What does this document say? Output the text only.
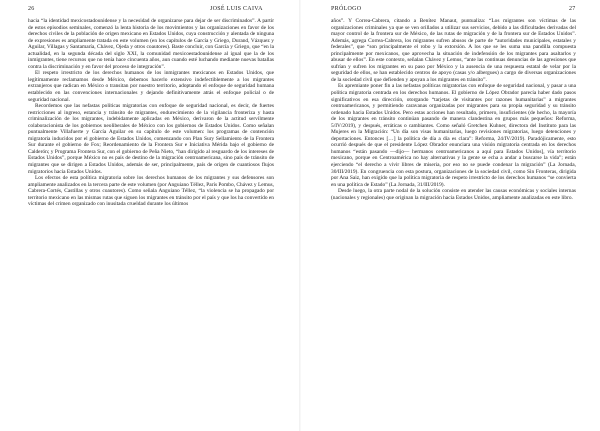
26	JOSÉ LUIS CAIVA

hacia “la identidad mexicostadounidense y la necesidad de organizarse para dejar de ser discriminados”. A partir de estos episodios seminales, comenzó la lenta historia de los movimientos y las organizaciones en favor de los derechos civiles de la población de origen mexicano en Estados Unidos, cuya construcción y alentada de ninguna de expresiones es ampliamente tratada en este volumen (en los capítulos de García y Griego, Durand, Vázquez y Aguilar, Villagas y Santamaría, Chávez, Ojeda y otros coautores). Baste concluir, con García y Griego, que “en la actualidad, en la segunda década del siglo XXI, la comunidad mexicoestadounidense al igual que la de los inmigrantes, tiene recursos que no tenía hace cincuenta años, aun cuando esté luchando mediante nuevas batallas contra la discriminación y en favor del proceso de integración”.

El respeto irrestricto de los derechos humanos de los inmigrantes mexicanos en Estados Unidos, que legítimamente reclamamos desde México, debemos hacerlo extensivo indefectiblemente a los migrantes extranjeros que radican en México o transitan por nuestro territorio, adoptando el enfoque de seguridad humana establecido en las convenciones internacionales y dejando definitivamente atrás el enfoque policial o de seguridad nacional.

Recordemos que las nefastas políticas migratorias con enfoque de seguridad nacional, es decir, de fuertes restricciones al ingreso, estancia y tránsito de migrantes, endurecimiento de la vigilancia fronteriza y hasta criminalización de los migrantes, indebidamente aplicadas en México, derivaron de la actitud servilmente colaboracionista de los gobiernos neoliberales de México con los gobiernos de Estados Unidos. Como señalan puntualmente Villafuerte y García Aguilar en su capítulo de este volumen: los programas de contención migratoria inducidos por el gobierno de Estados Unidos, comenzando con Plan Sury Sellamiento de la Frontera Sur durante el gobierno de Fox; Reordenamiento de la Frontera Sur e Iniciativa Mérida bajo el gobierno de Calderón; y Programa Frontera Sur, con el gobierno de Peña Nieto, “han dirigido al resguardo de los intereses de Estados Unidos”, porque México no es país de destino de la migración centroamericana, sino país de tránsito de migrantes que se dirigen a Estados Unidos, además de ser, principalmente, país de origen de cuantiosos flujos migratorios hacia Estados Unidos.

Los efectos de esta política migratoria sobre los derechos humanos de los migrantes y sus defensores son ampliamente analizados en la tercera parte de este volumen (por Anguiano Téllez, París Pombo, Chávez y Lemus, Cabrera-Cortés, Castillas y otros coautores). Como señala Anguiano Téllez, “la violencia se ha propagado por territorio mexicano en las mismas rutas que siguen los migrantes en tránsito por el país y que los ha convertido en víctimas del crimen organizado con inusitada crueldad durante los últimos

PRÓLOGO	27

años”. Y Correa-Cabrera, citando a Benítez Manaut, puntualiza: “Los migrantes son víctimas de las organizaciones criminales ya que se ven orillados a utilizar sus servicios, debido a las dificultades derivadas del mayor control de la frontera sur de México, de las rutas de migración y de la frontera sur de Estados Unidos”. Además, agrega Correa-Cabrera, los migrantes sufren abusos de parte de “autoridades municipales, estatales y federales”, que “son principalmente el robo y la extorsión. A los que se les suma una pandilla compuesta principalmente por mexicanos, que aprovecha la situación de indefensión de los migrantes para asaltarlos y abusar de ellos”. En este contexto, señalan Chávez y Lemus, “ante las continuas denuncias de las agresiones que sufrían y sufren los migrantes en su paso por México y la ausencia de una respuesta estatal de velar por la seguridad de ellos, se han establecido centros de apoyo (casas y/o albergues) a cargo de diversas organizaciones de la sociedad civil que defienden y apoyan a los migrantes en tránsito”.

Es apremiante poner fin a las nefastas políticas migratorias con enfoque de seguridad nacional, y pasar a una política migratoria centrada en los derechos humanos. El gobierno de López Obrador parecía haber dado pasos significativos en esa dirección, otorgando “tarjetas de visitantes por razones humanitarias” a migrantes centroamericanos, y permitiendo caravanas organizadas por migrantes para su propia seguridad y su tránsito ordenado hacia Estados Unidos. Pero estas acciones han resultado, primero, insuficientes (de hecho, la mayoría de los migrantes en tránsito continúan pasando de manera clandestina en grupos más pequeños: Reforma, 5/IV/2019), y después, erráticas o cambiantes. Como señaló Gretchen Kuhner, directora del Instituto para las Mujeres en la Migración: “Un día son visas humanitarias, luego revisiones migratorias, luego detenciones y deportaciones. Entonces […] la política de día a día es clara”: Reforma, 24/IV/2019). Paradójicamente, esto ocurrió después de que el presidente López Obrador enunciara una visión migratoria centrada en los derechos humanos “están pasando —dijo— hermanos centroamericanos a aquí para Estados Unidos], vía territorio mexicano, porque en Centroamérica no hay alternativas y la gente se echa a andar a buscarse la vida”; están ejerciendo “el derecho a vivir libres de miseria, por eso no se puede condenar la migración” (La Jornada, 30/III/2019). En congruencia con esta postura, organizaciones de la sociedad civil, como Sin Fronteras, dirigida por Ana Saiz, han exigido que la política migratoria de respeto irrestricto de los derechos humanos “se convierta en una política de Estado” (La Jornada, 31/III/2019).

Desde luego, la otra parte nodal de la solución consiste en atender las causas económicas y sociales internas (nacionales y regionales) que originan la migración hacia Estados Unidos, ampliamente analizadas en este libro.
